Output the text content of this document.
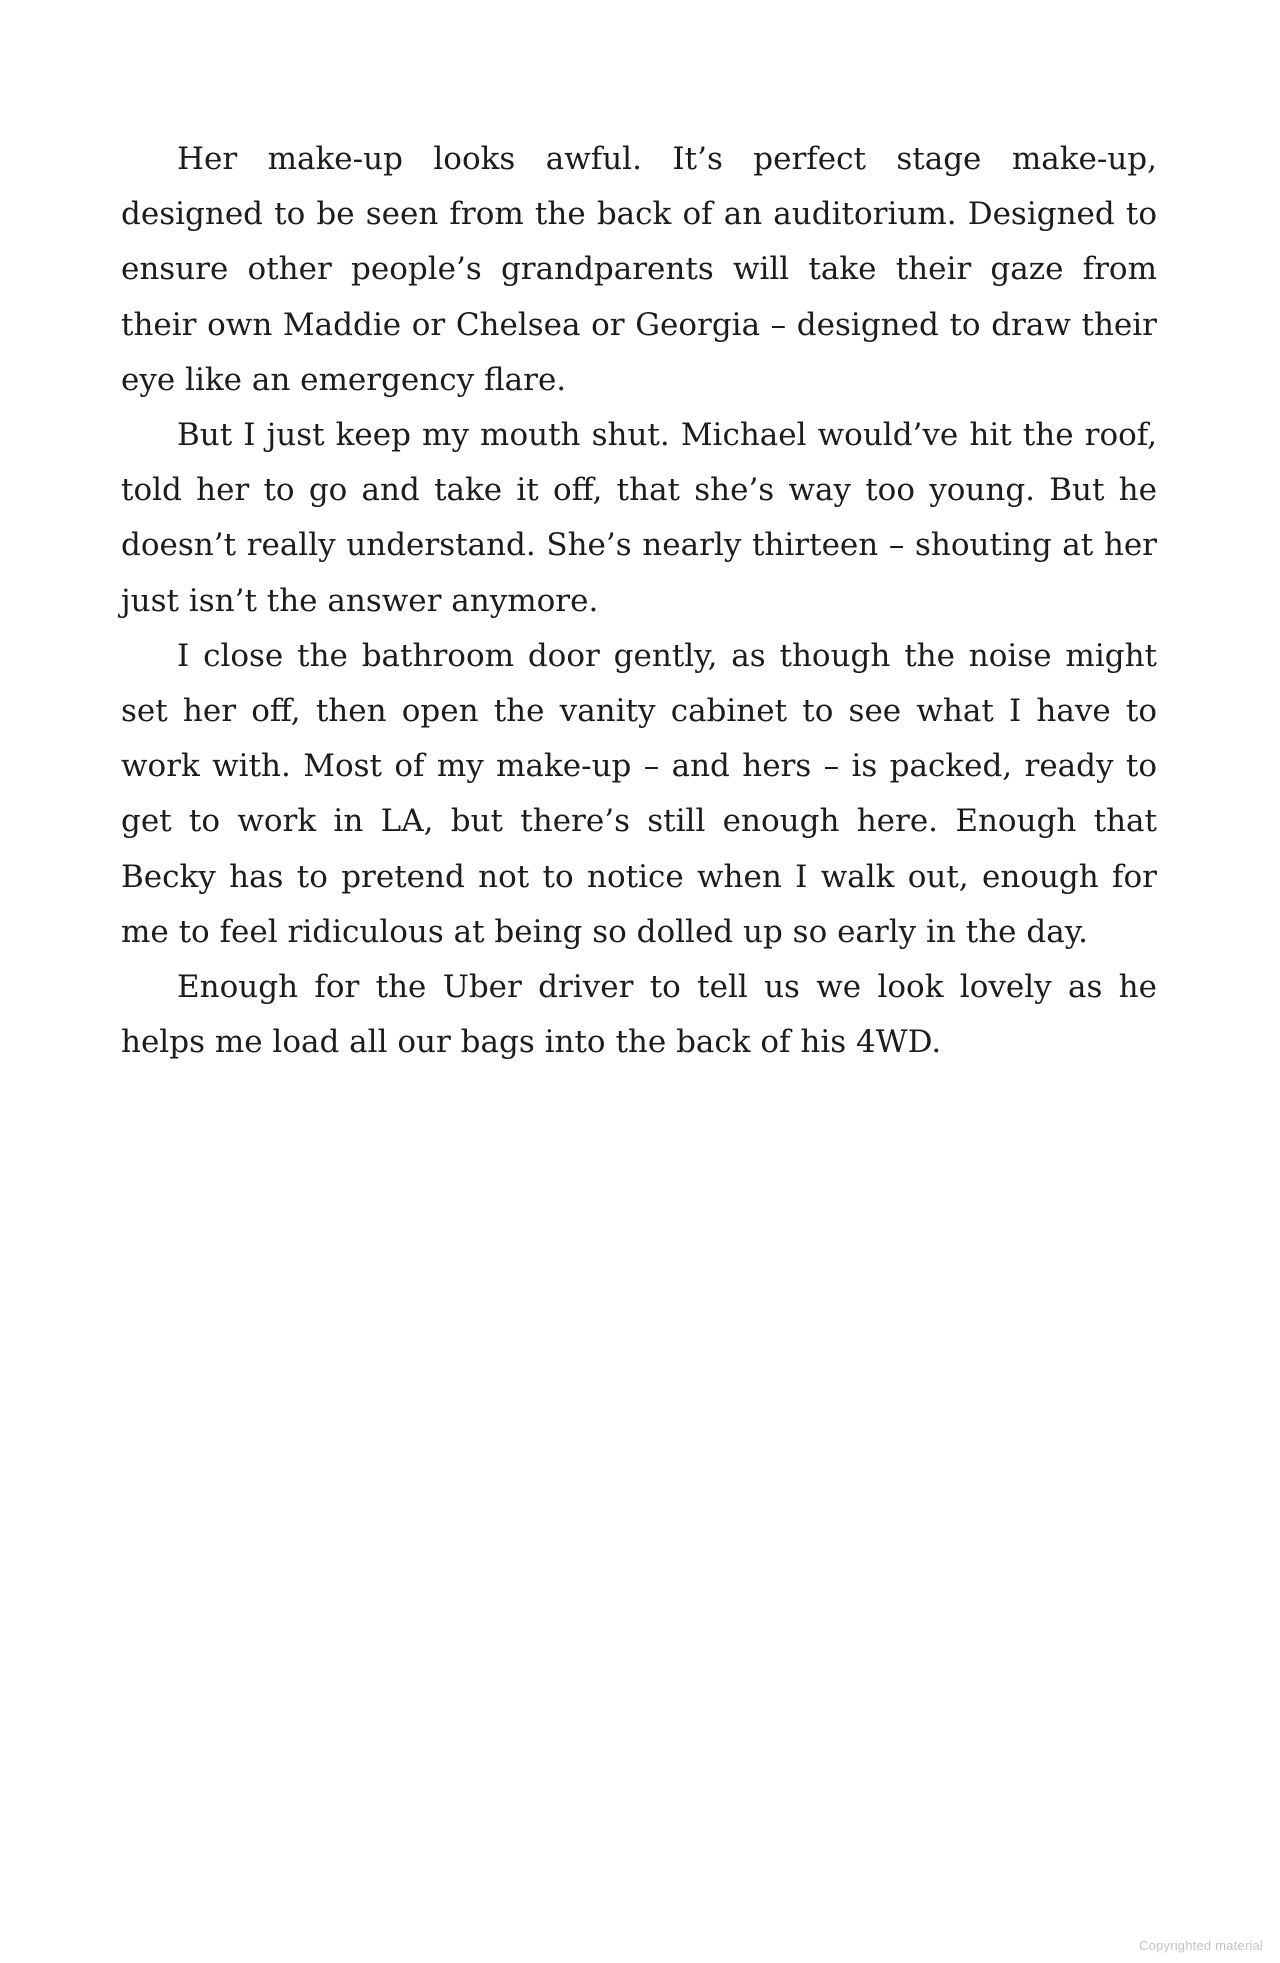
Her make-up looks awful. It’s perfect stage make-up, designed to be seen from the back of an auditorium. Designed to ensure other people’s grandparents will take their gaze from their own Maddie or Chelsea or Georgia – designed to draw their eye like an emergency flare.

But I just keep my mouth shut. Michael would’ve hit the roof, told her to go and take it off, that she’s way too young. But he doesn’t really understand. She’s nearly thirteen – shouting at her just isn’t the answer anymore.

I close the bathroom door gently, as though the noise might set her off, then open the vanity cabinet to see what I have to work with. Most of my make-up – and hers – is packed, ready to get to work in LA, but there’s still enough here. Enough that Becky has to pretend not to notice when I walk out, enough for me to feel ridiculous at being so dolled up so early in the day.

Enough for the Uber driver to tell us we look lovely as he helps me load all our bags into the back of his 4WD.

Copyrighted material
